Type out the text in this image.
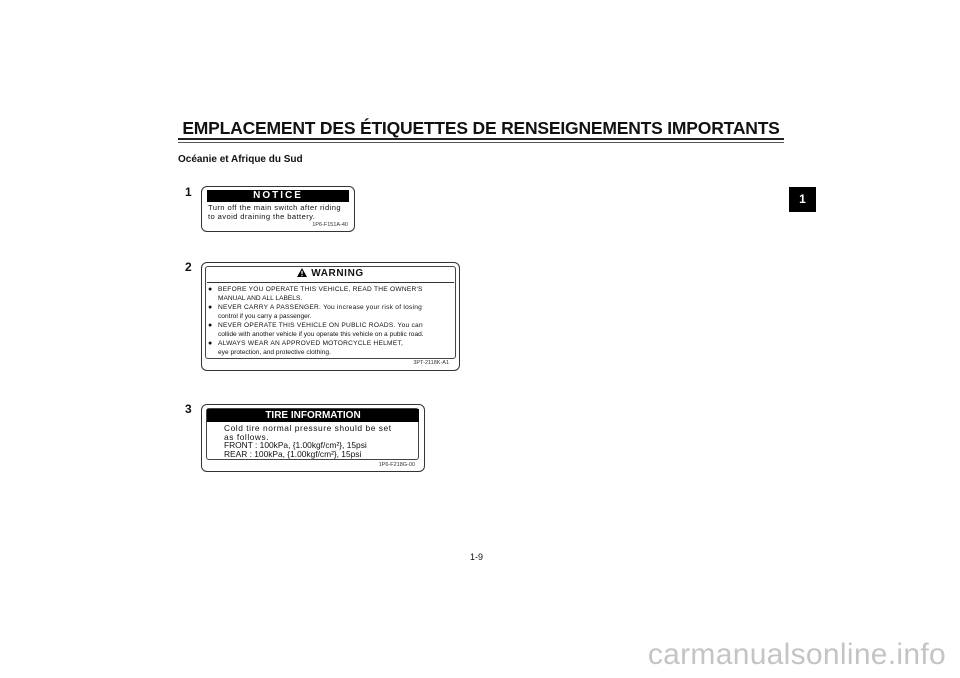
EMPLACEMENT DES ÉTIQUETTES DE RENSEIGNEMENTS IMPORTANTS
Océanie et Afrique du Sud
1
1	NOTICE
Turn off the main switch after riding
to avoid draining the battery.
1P6-F151A-40
2	WARNING
● BEFORE YOU OPERATE THIS VEHICLE, READ THE OWNER'S
MANUAL AND ALL LABELS.
● NEVER CARRY A PASSENGER. You increase your risk of losing
control if you carry a passenger.
● NEVER OPERATE THIS VEHICLE ON PUBLIC ROADS. You can
collide with another vehicle if you operate this vehicle on a public road.
● ALWAYS WEAR AN APPROVED MOTORCYCLE HELMET,
eye protection, and protective clothing.
3PT-2118K-A1
3	TIRE INFORMATION
Cold tire normal pressure should be set
as follows.
FRONT : 100kPa, {1.00kgf/cm²}, 15psi
REAR : 100kPa, {1.00kgf/cm²}, 15psi
1P6-F218G-00
1-9
carmanualsonline.info
